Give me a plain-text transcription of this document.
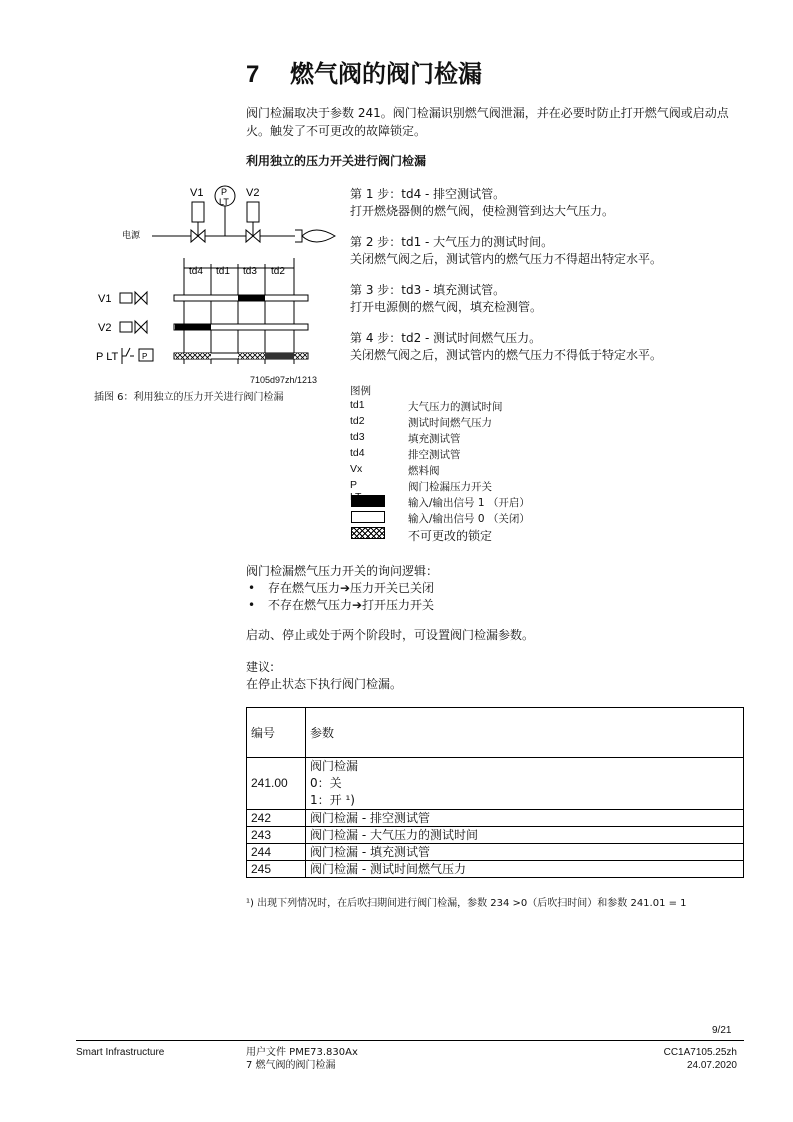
7 燃气阀的阀门检漏
阀门检漏取决于参数 241。阀门检漏识别燃气阀泄漏，并在必要时防止打开燃气阀或启动点火。触发了不可更改的故障锁定。
利用独立的压力开关进行阀门检漏
V1	V2
P
LT
电源
td4 td1 td3 td2
V1
V2
P LT	P
7105d97zh/1213
插图 6：利用独立的压力开关进行阀门检漏
第 1 步：td4 - 排空测试管。
打开燃烧器侧的燃气阀，使检测管到达大气压力。
第 2 步：td1 - 大气压力的测试时间。
关闭燃气阀之后，测试管内的燃气压力不得超出特定水平。
第 3 步：td3 - 填充测试管。
打开电源侧的燃气阀，填充检测管。
第 4 步：td2 - 测试时间燃气压力。
关闭燃气阀之后，测试管内的燃气压力不得低于特定水平。
图例
td1	大气压力的测试时间
td2	测试时间燃气压力
td3	填充测试管
td4	排空测试管
Vx	燃料阀
P	阀门检漏压力开关
输入/输出信号 1 （开启）
输入/输出信号 0 （关闭）
不可更改的锁定
阀门检漏燃气压力开关的询问逻辑：
• 存在燃气压力➔压力开关已关闭
• 不存在燃气压力➔打开压力开关
启动、停止或处于两个阶段时，可设置阀门检漏参数。
建议:
在停止状态下执行阀门检漏。
编号	参数
241.00	阀门检漏
0：关
1：开 ¹)

242	阀门检漏 - 排空测试管
243	阀门检漏 - 大气压力的测试时间
244	阀门检漏 - 填充测试管
245	阀门检漏 - 测试时间燃气压力
¹) 出现下列情况时，在后吹扫期间进行阀门检漏，参数 234 >0（后吹扫时间）和参数 241.01 = 1
9/21
Smart Infrastructure	用户文件 PME73.830Ax
7 燃气阀的阀门检漏
CC1A7105.25zh
24.07.2020
